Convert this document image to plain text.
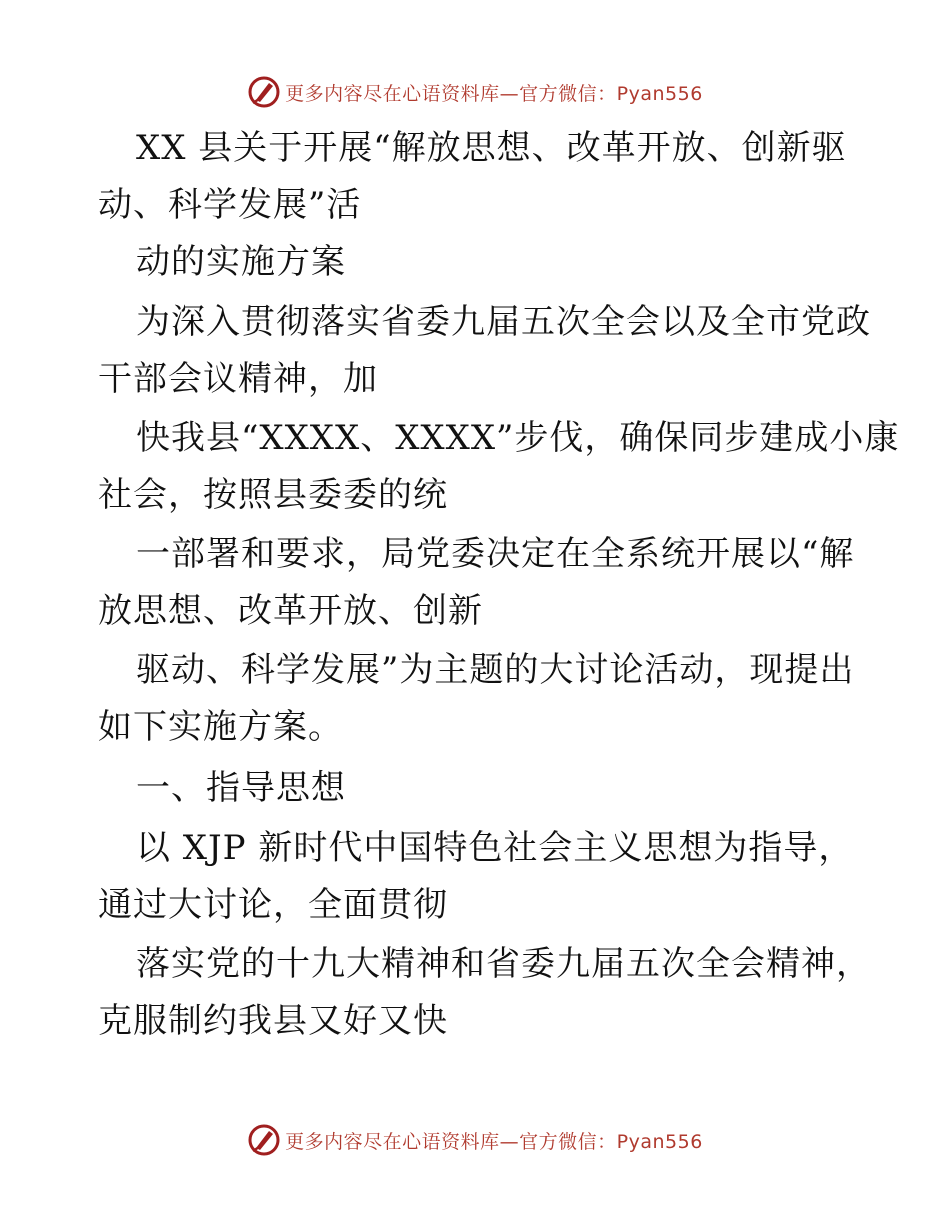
更多内容尽在心语资料库—官方微信：Pyan556
XX 县关于开展“解放思想、改革开放、创新驱
动、科学发展”活
动的实施方案
为深入贯彻落实省委九届五次全会以及全市党政
干部会议精神，加
快我县“XXXX、XXXX”步伐，确保同步建成小康
社会，按照县委委的统
一部署和要求，局党委决定在全系统开展以“解
放思想、改革开放、创新
驱动、科学发展”为主题的大讨论活动，现提出
如下实施方案。
一、指导思想
以 XJP 新时代中国特色社会主义思想为指导，
通过大讨论，全面贯彻
落实党的十九大精神和省委九届五次全会精神，
克服制约我县又好又快
更多内容尽在心语资料库—官方微信：Pyan556
